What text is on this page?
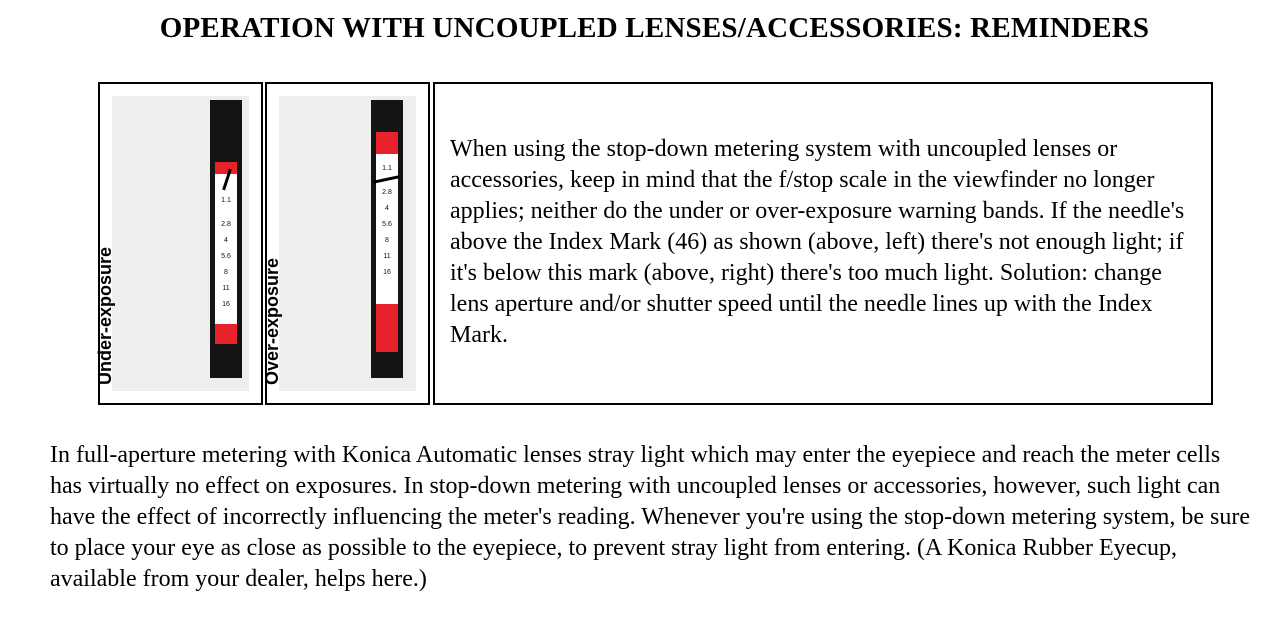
OPERATION WITH UNCOUPLED LENSES/ACCESSORIES: REMINDERS
Under-exposure
1.1
2.8
4
5.6
8
11
16	Over-exposure
1.1
2.8
4
5.6
8
11
16

When using the stop-down metering system with uncoupled lenses or accessories, keep in mind that the f/stop scale in the viewfinder no longer applies; neither do the under or over-exposure warning bands. If the needle's above the Index Mark (46) as shown (above, left) there's not enough light; if it's below this mark (above, right) there's too much light. Solution: change lens aperture and/or shutter speed until the needle lines up with the Index Mark.

In full-aperture metering with Konica Automatic lenses stray light which may enter the eyepiece and reach the meter cells has virtually no effect on exposures. In stop-down metering with uncoupled lenses or accessories, however, such light can have the effect of incorrectly influencing the meter's reading. Whenever you're using the stop-down metering system, be sure to place your eye as close as possible to the eyepiece, to prevent stray light from entering. (A Konica Rubber Eyecup, available from your dealer, helps here.)
